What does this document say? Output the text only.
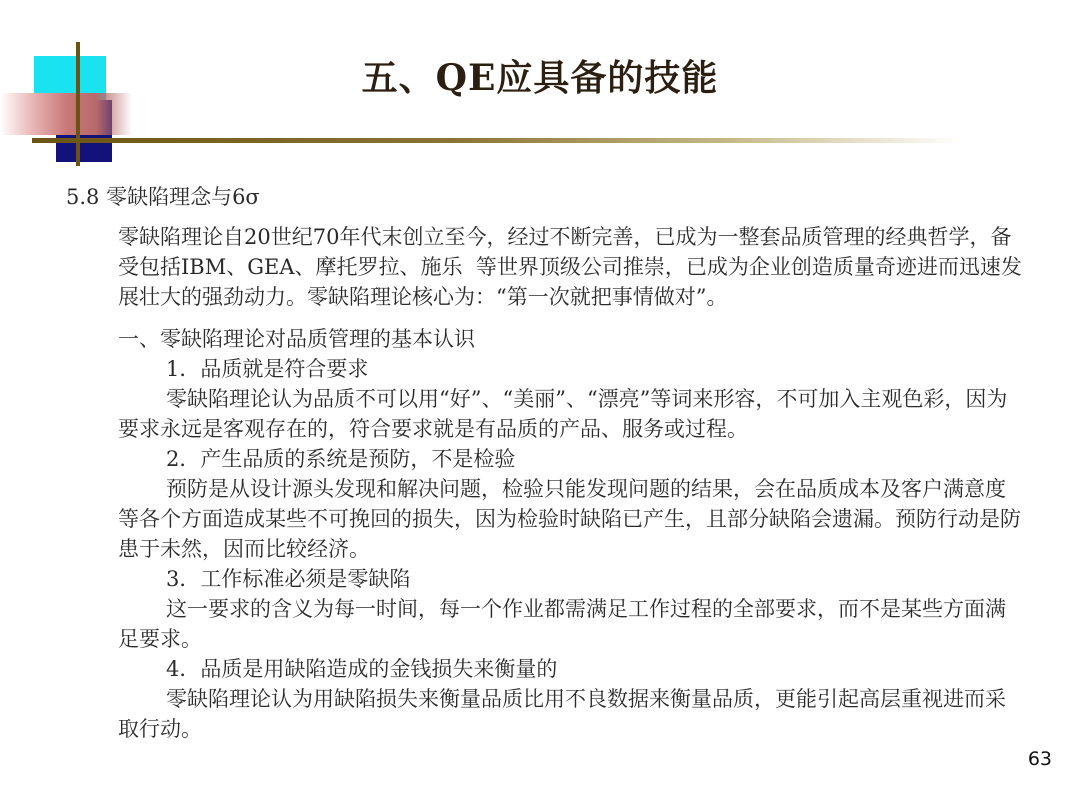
五、QE应具备的技能

5.8 零缺陷理念与6σ

零缺陷理论自20世纪70年代末创立至今，经过不断完善，已成为一整套品质管理的经典哲学，备受包括IBM、GEA、摩托罗拉、施乐  等世界顶级公司推崇，已成为企业创造质量奇迹进而迅速发展壮大的强劲动力。零缺陷理论核心为：“第一次就把事情做对”。

一、零缺陷理论对品质管理的基本认识

1．品质就是符合要求

零缺陷理论认为品质不可以用“好”、“美丽”、“漂亮”等词来形容，不可加入主观色彩，因为要求永远是客观存在的，符合要求就是有品质的产品、服务或过程。

2．产生品质的系统是预防，不是检验

预防是从设计源头发现和解决问题，检验只能发现问题的结果，会在品质成本及客户满意度等各个方面造成某些不可挽回的损失，因为检验时缺陷已产生，且部分缺陷会遗漏。预防行动是防患于未然，因而比较经济。

3．工作标准必须是零缺陷

这一要求的含义为每一时间，每一个作业都需满足工作过程的全部要求，而不是某些方面满足要求。

4．品质是用缺陷造成的金钱损失来衡量的

零缺陷理论认为用缺陷损失来衡量品质比用不良数据来衡量品质，更能引起高层重视进而采取行动。

63
